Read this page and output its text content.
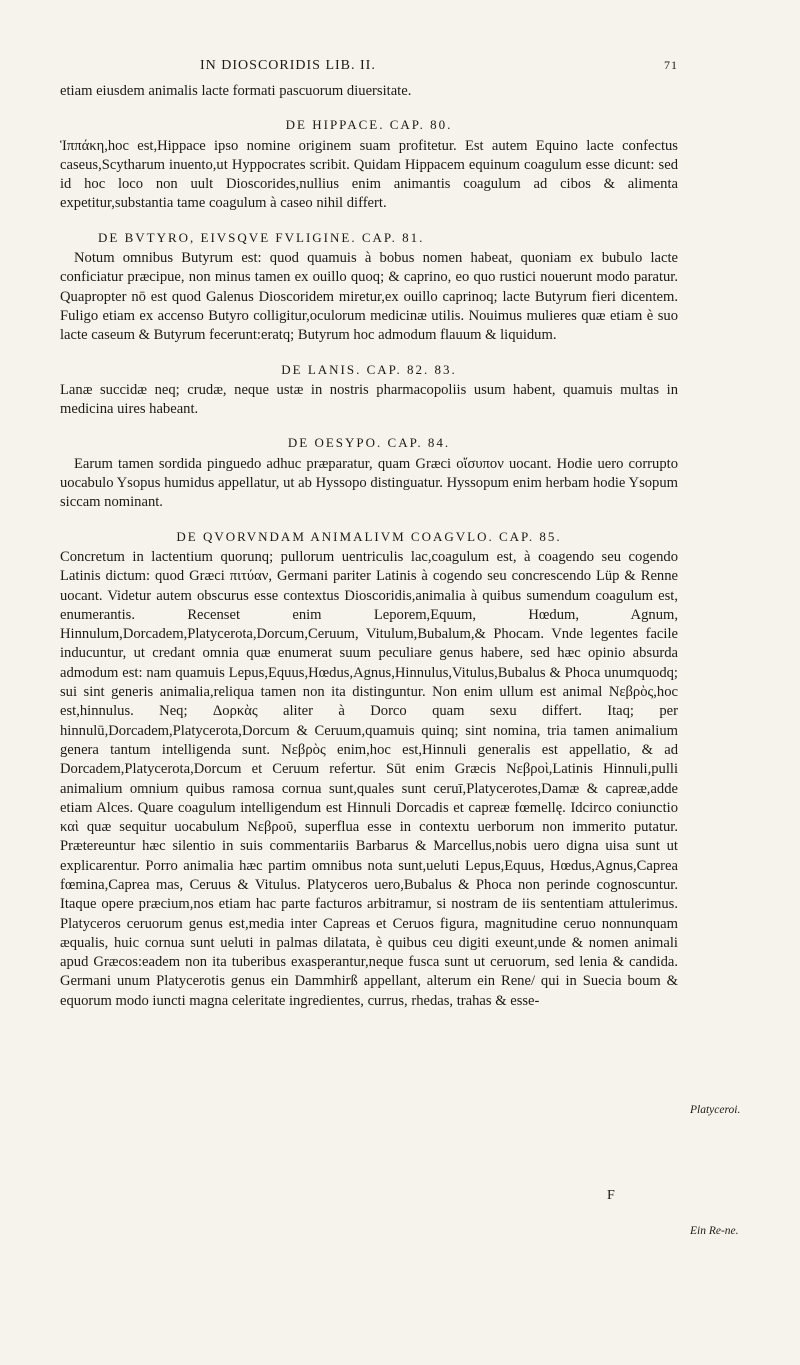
IN DIOSCORIDIS LIB. II.	71

etiam eiusdem animalis lacte formati pascuorum diuersitate.

DE HIPPACE. CAP. 80.

Ἱππάκη,hoc est,Hippace ipso nomine originem suam profitetur. Est autem Equino lacte confectus caseus,Scytharum inuento,ut Hyppocrates scribit. Quidam Hippacem equinum coagulum esse dicunt: sed id hoc loco non uult Dioscorides,nullius enim animantis coagulum ad cibos & alimenta expetitur,substantia tame coagulum à caseo nihil differt.

DE BVTYRO, EIVSQVE FVLIGINE. CAP. 81.

Notum omnibus Butyrum est: quod quamuis à bobus nomen habeat, quoniam ex bubulo lacte conficiatur præcipue, non minus tamen ex ouillo quoq; & caprino, eo quo rustici nouerunt modo paratur. Quapropter nō est quod Galenus Dioscoridem miretur,ex ouillo caprinoq; lacte Butyrum fieri dicentem. Fuligo etiam ex accenso Butyro colligitur,oculorum medicinæ utilis. Nouimus mulieres quæ etiam è suo lacte caseum & Butyrum fecerunt:eratq; Butyrum hoc admodum flauum & liquidum.

DE LANIS. CAP. 82. 83.

Lanæ succidæ neq; crudæ, neque ustæ in nostris pharmacopoliis usum habent, quamuis multas in medicina uires habeant.

DE OESYPO. CAP. 84.

Earum tamen sordida pinguedo adhuc præparatur, quam Græci οἴσυπον uocant. Hodie uero corrupto uocabulo Ysopus humidus appellatur, ut ab Hyssopo distinguatur. Hyssopum enim herbam hodie Ysopum siccam nominant.

DE QVORVNDAM ANIMALIVM COAGVLO. CAP. 85.

Concretum in lactentium quorunq; pullorum uentriculis lac,coagulum est, à coagendo seu cogendo Latinis dictum: quod Græci πιτύαν, Germani pariter Latinis à cogendo seu concrescendo Lüp & Renne uocant. Videtur autem obscurus esse contextus Dioscoridis,animalia à quibus sumendum coagulum est, enumerantis. Recenset enim Leporem,Equum, Hœdum, Agnum, Hinnulum,Dorcadem,Platycerota,Dorcum,Ceruum, Vitulum,Bubalum,& Phocam. Vnde legentes facile inducuntur, ut credant omnia quæ enumerat suum peculiare genus habere, sed hæc opinio absurda admodum est: nam quamuis Lepus,Equus,Hœdus,Agnus,Hinnulus,Vitulus,Bubalus & Phoca unumquodq; sui sint generis animalia,reliqua tamen non ita distinguntur. Non enim ullum est animal Νεβρὸς,hoc est,hinnulus. Neq; Δορκὰς aliter à Dorco quam sexu differt. Itaq; per hinnulū,Dorcadem,Platycerota,Dorcum & Ceruum,quamuis quinq; sint nomina, tria tamen animalium genera tantum intelligenda sunt. Νεβρὸς enim,hoc est,Hinnuli generalis est appellatio, & ad Dorcadem,Platycerota,Dorcum et Ceruum refertur. Sūt enim Græcis Νεβροὶ,Latinis Hinnuli,pulli animalium omnium quibus ramosa cornua sunt,quales sunt ceruī,Platycerotes,Damæ & capreæ,adde etiam Alces. Quare coagulum intelligendum est Hinnuli Dorcadis et capreæ fœmellę. Idcirco coniunctio καὶ quæ sequitur uocabulum Νεβροῦ, superflua esse in contextu uerborum non immerito putatur. Prætereuntur hæc silentio in suis commentariis Barbarus & Marcellus,nobis uero digna uisa sunt ut explicarentur. Porro animalia hæc partim omnibus nota sunt,ueluti Lepus,Equus, Hœdus,Agnus,Caprea fœmina,Caprea mas, Ceruus & Vitulus. Platyceros uero,Bubalus & Phoca non perinde cognoscuntur. Itaque opere præcium,nos etiam hac parte facturos arbitramur, si nostram de iis sententiam attulerimus. Platyceros ceruorum genus est,media inter Capreas et Ceruos figura, magnitudine ceruo nonnunquam æqualis, huic cornua sunt ueluti in palmas dilatata, è quibus ceu digiti exeunt,unde & nomen animali apud Græcos:eadem non ita tuberibus exasperantur,neque fusca sunt ut ceruorum, sed lenia & candida. Germani unum Platycerotis genus ein Dammhirß appellant, alterum ein Rene/ qui in Suecia boum & equorum modo iuncti magna celeritate ingredientes, currus, rhedas, trahas & esse-

Platyceroi.
Ein Re-ne.
F
